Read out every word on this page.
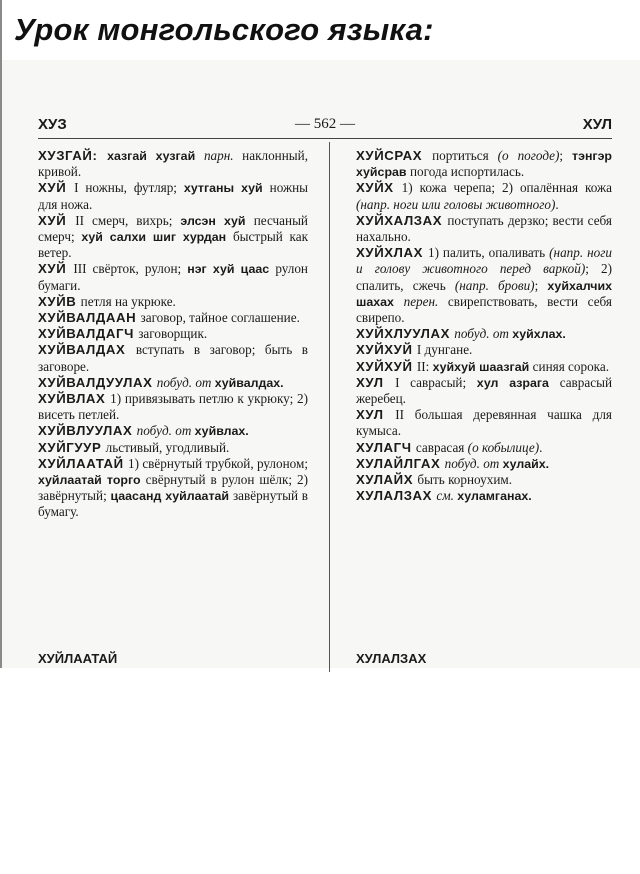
Урок монгольского языка:
ХУЗ	— 562 —	ХУЛ

ХУЗГАЙ: хазгай хузгай парн. наклонный, кривой.

ХУЙ I ножны, футляр; хутганы хуй ножны для ножа.

ХУЙ II смерч, вихрь; элсэн хуй песчаный смерч; хуй салхи шиг хурдан быстрый как ветер.

ХУЙ III свёрток, рулон; нэг хуй цаас рулон бумаги.

ХУЙВ петля на укрюке.

ХУЙВАЛДААН заговор, тайное соглашение.

ХУЙВАЛДАГЧ заговорщик.

ХУЙВАЛДАХ вступать в заговор; быть в заговоре.

ХУЙВАЛДУУЛАХ побуд. от хуйвалдах.

ХУЙВЛАХ 1) привязывать петлю к укрюку; 2) висеть петлей.

ХУЙВЛУУЛАХ побуд. от хуйвлах.

ХУЙГУУР льстивый, угодливый.

ХУЙЛААТАЙ 1) свёрнутый трубкой, рулоном; хуйлаатай торго свёрнутый в рулон шёлк; 2) завёрнутый; цаасанд хуйлаатай завёрнутый в бумагу.

ХУЙСРАХ портиться (о погоде); тэнгэр хуйсрав погода испортилась.

ХУЙХ 1) кожа черепа; 2) опалённая кожа (напр. ноги или головы животного).

ХУЙХАЛЗАХ поступать дерзко; вести себя нахально.

ХУЙХЛАХ 1) палить, опаливать (напр. ноги и голову животного перед варкой); 2) спалить, сжечь (напр. брови); хуйхалчих шахах перен. свирепствовать, вести себя свирепо.

ХУЙХЛУУЛАХ побуд. от хуйхлах.

ХУЙХУЙ I дунгане.

ХУЙХУЙ II: хуйхуй шаазгай синяя сорока.

ХУЛ I саврасый; хул азрага саврасый жеребец.

ХУЛ II большая деревянная чашка для кумыса.

ХУЛАГЧ саврасая (о кобылице).

ХУЛАЙЛГАХ побуд. от хулайх.

ХУЛАЙХ быть корноухим.

ХУЛАЛЗАХ см. хуламганах.

ХУЙЛААТАЙ	ХУЛАЛЗАХ
